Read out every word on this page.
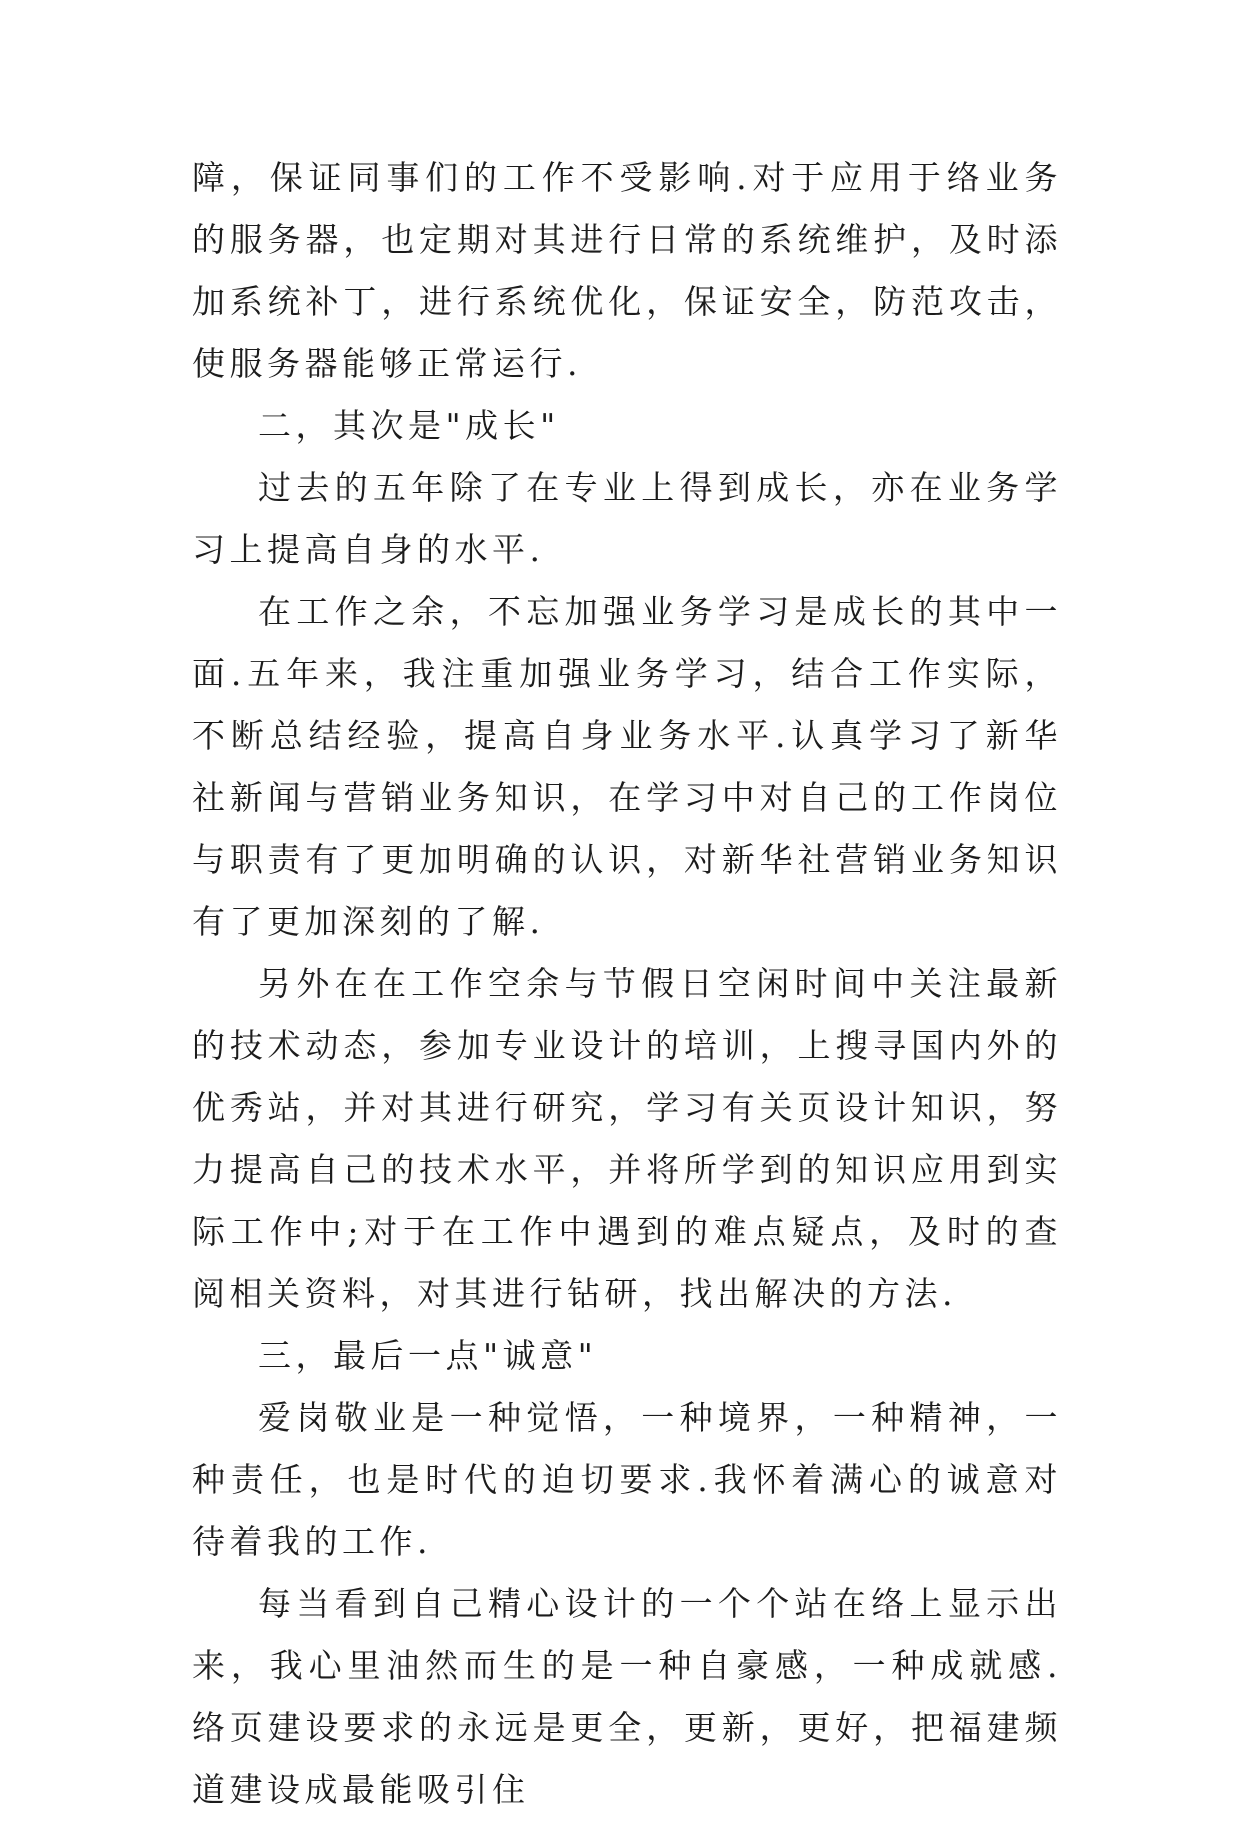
障，保证同事们的工作不受影响.对于应用于络业务的服务器，也定期对其进行日常的系统维护，及时添加系统补丁，进行系统优化，保证安全，防范攻击，使服务器能够正常运行.

二，其次是"成长"

过去的五年除了在专业上得到成长，亦在业务学习上提高自身的水平.

在工作之余，不忘加强业务学习是成长的其中一面.五年来，我注重加强业务学习，结合工作实际，不断总结经验，提高自身业务水平.认真学习了新华社新闻与营销业务知识，在学习中对自己的工作岗位与职责有了更加明确的认识，对新华社营销业务知识有了更加深刻的了解.

另外在在工作空余与节假日空闲时间中关注最新的技术动态，参加专业设计的培训，上搜寻国内外的优秀站，并对其进行研究，学习有关页设计知识，努力提高自己的技术水平，并将所学到的知识应用到实际工作中;对于在工作中遇到的难点疑点，及时的查阅相关资料，对其进行钻研，找出解决的方法.

三，最后一点"诚意"

爱岗敬业是一种觉悟，一种境界，一种精神，一种责任，也是时代的迫切要求.我怀着满心的诚意对待着我的工作.

每当看到自己精心设计的一个个站在络上显示出来，我心里油然而生的是一种自豪感，一种成就感.络页建设要求的永远是更全，更新，更好，把福建频道建设成最能吸引住
